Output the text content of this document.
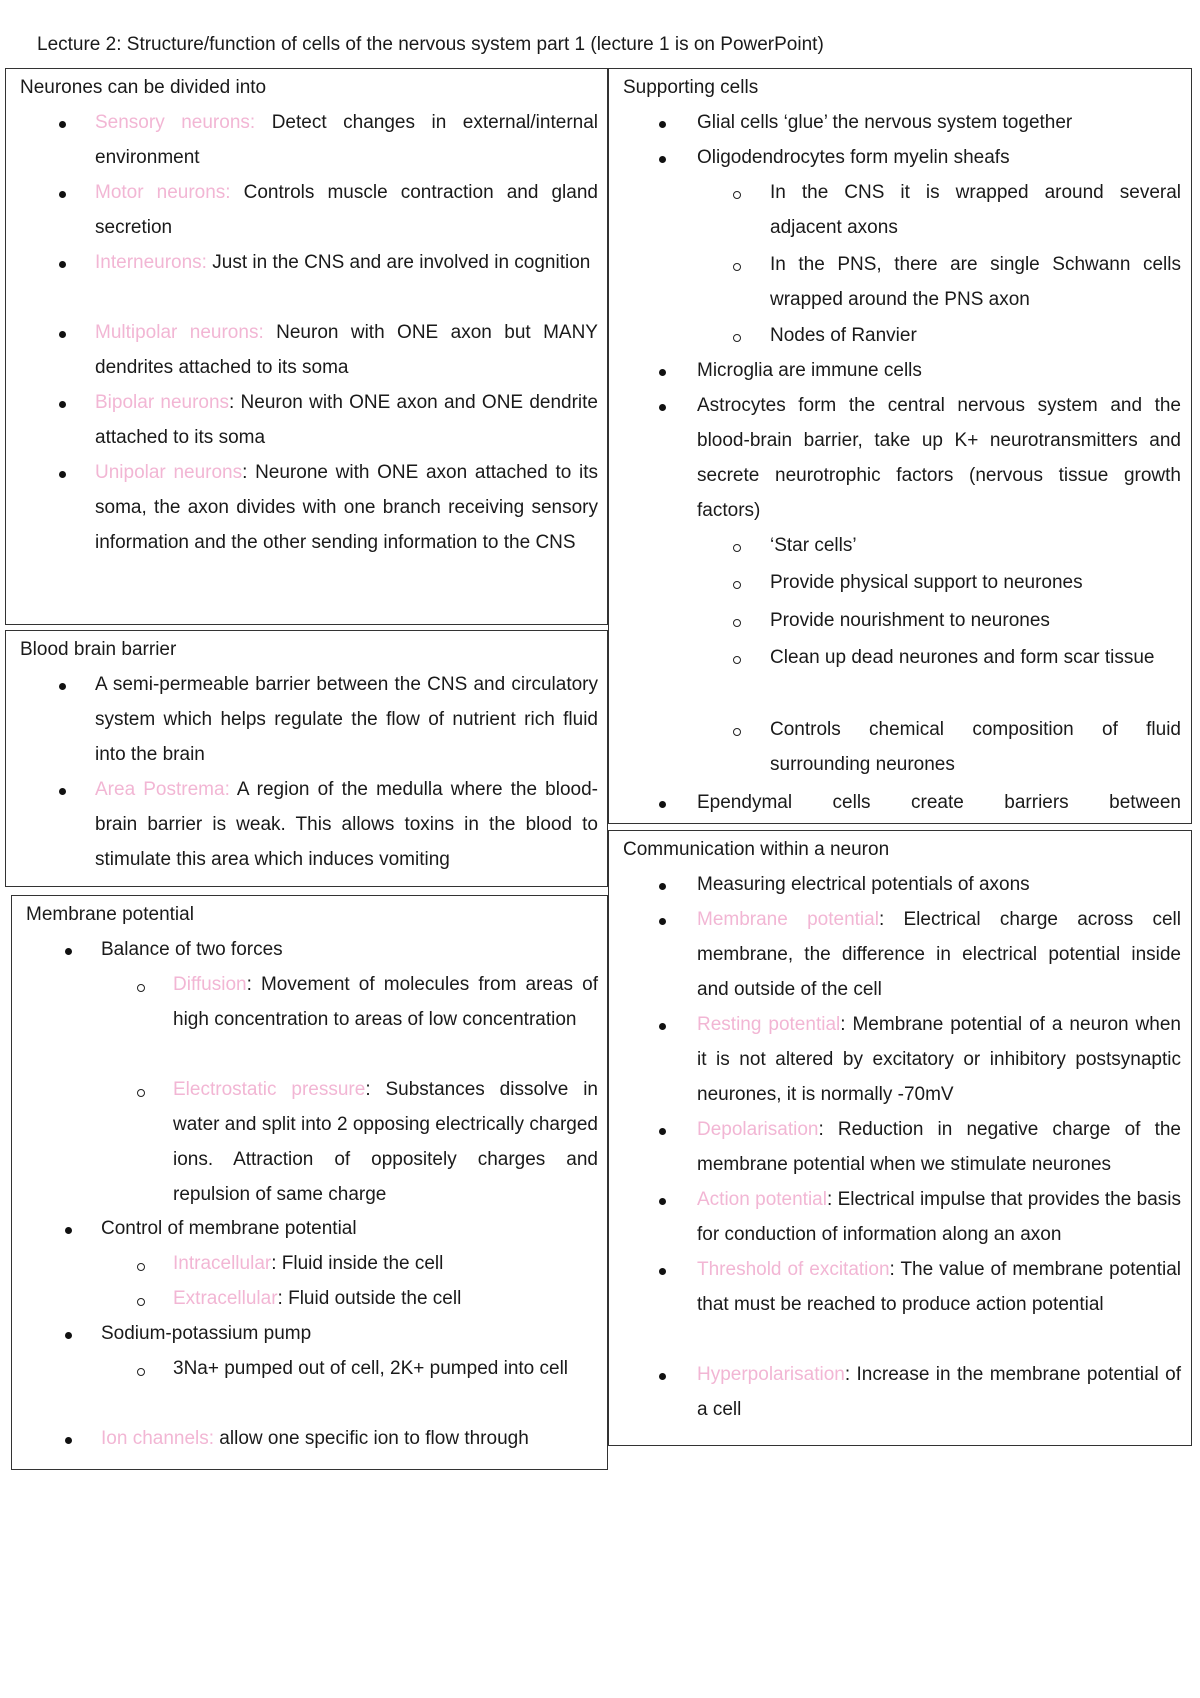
Lecture 2: Structure/function of cells of the nervous system part 1 (lecture 1 is on PowerPoint)
Neurones can be divided into
Sensory neurons: Detect changes in external/internal environment
Motor neurons: Controls muscle contraction and gland secretion
Interneurons: Just in the CNS and are involved in cognition
Multipolar neurons: Neuron with ONE axon but MANY dendrites attached to its soma
Bipolar neurons: Neuron with ONE axon and ONE dendrite attached to its soma
Unipolar neurons: Neurone with ONE axon attached to its soma, the axon divides with one branch receiving sensory information and the other sending information to the CNS
Blood brain barrier
A semi-permeable barrier between the CNS and circulatory system which helps regulate the flow of nutrient rich fluid into the brain
Area Postrema: A region of the medulla where the blood-brain barrier is weak. This allows toxins in the blood to stimulate this area which induces vomiting
Membrane potential
Balance of two forces
Diffusion: Movement of molecules from areas of high concentration to areas of low concentration
Electrostatic pressure: Substances dissolve in water and split into 2 opposing electrically charged ions. Attraction of oppositely charges and repulsion of same charge
Control of membrane potential
Intracellular: Fluid inside the cell
Extracellular: Fluid outside the cell
Sodium-potassium pump
3Na+ pumped out of cell, 2K+ pumped into cell
Ion channels: allow one specific ion to flow through
Supporting cells
Glial cells ‘glue’ the nervous system together
Oligodendrocytes form myelin sheafs
In the CNS it is wrapped around several adjacent axons
In the PNS, there are single Schwann cells wrapped around the PNS axon
Nodes of Ranvier
Microglia are immune cells
Astrocytes form the central nervous system and the blood-brain barrier, take up K+ neurotransmitters and secrete neurotrophic factors (nervous tissue growth factors)
‘Star cells’
Provide physical support to neurones
Provide nourishment to neurones
Clean up dead neurones and form scar tissue
Controls chemical composition of fluid surrounding neurones
Ependymal cells create barriers between
Communication within a neuron
Measuring electrical potentials of axons
Membrane potential: Electrical charge across cell membrane, the difference in electrical potential inside and outside of the cell
Resting potential: Membrane potential of a neuron when it is not altered by excitatory or inhibitory postsynaptic neurones, it is normally -70mV
Depolarisation: Reduction in negative charge of the membrane potential when we stimulate neurones
Action potential: Electrical impulse that provides the basis for conduction of information along an axon
Threshold of excitation: The value of membrane potential that must be reached to produce action potential
Hyperpolarisation: Increase in the membrane potential of a cell
